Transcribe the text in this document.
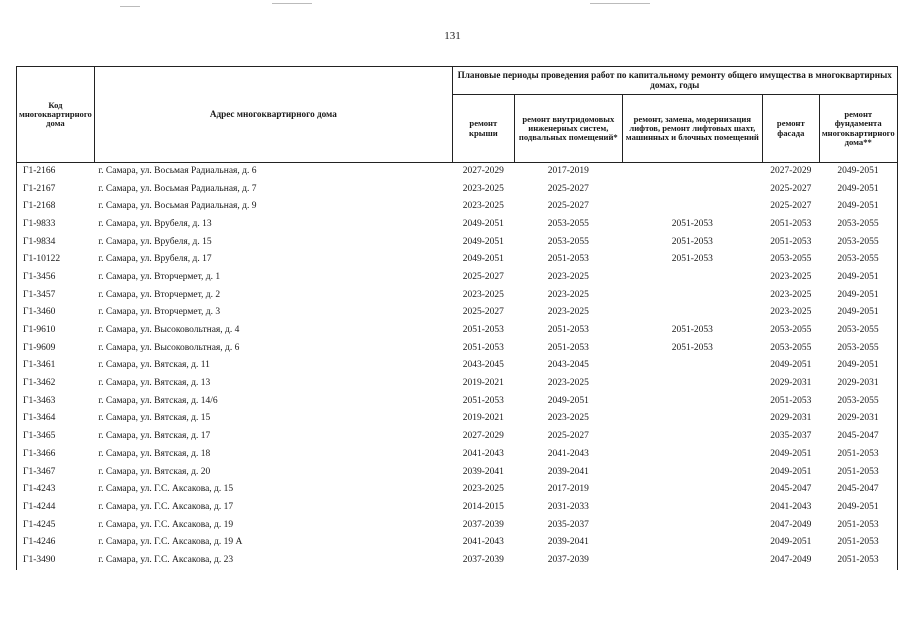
131
Код многоквартирного дома	Адрес многоквартирного дома	Плановые периоды проведения работ по капитальному ремонту общего имущества в многоквартирных домах, годы				
		ремонт крыши	ремонт внутридомовых инженерных систем, подвальных помещений*	ремонт, замена, модернизация лифтов, ремонт лифтовых шахт, машинных и блочных помещений	ремонт фасада	ремонт фундамента многоквартирного дома**
Г1-2166	г. Самара, ул. Восьмая Радиальная, д. 6	2027-2029	2017-2019		2027-2029	2049-2051
Г1-2167	г. Самара, ул. Восьмая Радиальная, д. 7	2023-2025	2025-2027		2025-2027	2049-2051
Г1-2168	г. Самара, ул. Восьмая Радиальная, д. 9	2023-2025	2025-2027		2025-2027	2049-2051
Г1-9833	г. Самара, ул. Врубеля, д. 13	2049-2051	2053-2055	2051-2053	2051-2053	2053-2055
Г1-9834	г. Самара, ул. Врубеля, д. 15	2049-2051	2053-2055	2051-2053	2051-2053	2053-2055
Г1-10122	г. Самара, ул. Врубеля, д. 17	2049-2051	2051-2053	2051-2053	2053-2055	2053-2055
Г1-3456	г. Самара, ул. Вторчермет, д. 1	2025-2027	2023-2025		2023-2025	2049-2051
Г1-3457	г. Самара, ул. Вторчермет, д. 2	2023-2025	2023-2025		2023-2025	2049-2051
Г1-3460	г. Самара, ул. Вторчермет, д. 3	2025-2027	2023-2025		2023-2025	2049-2051
Г1-9610	г. Самара, ул. Высоковольтная, д. 4	2051-2053	2051-2053	2051-2053	2053-2055	2053-2055
Г1-9609	г. Самара, ул. Высоковольтная, д. 6	2051-2053	2051-2053	2051-2053	2053-2055	2053-2055
Г1-3461	г. Самара, ул. Вятская, д. 11	2043-2045	2043-2045		2049-2051	2049-2051
Г1-3462	г. Самара, ул. Вятская, д. 13	2019-2021	2023-2025		2029-2031	2029-2031
Г1-3463	г. Самара, ул. Вятская, д. 14/6	2051-2053	2049-2051		2051-2053	2053-2055
Г1-3464	г. Самара, ул. Вятская, д. 15	2019-2021	2023-2025		2029-2031	2029-2031
Г1-3465	г. Самара, ул. Вятская, д. 17	2027-2029	2025-2027		2035-2037	2045-2047
Г1-3466	г. Самара, ул. Вятская, д. 18	2041-2043	2041-2043		2049-2051	2051-2053
Г1-3467	г. Самара, ул. Вятская, д. 20	2039-2041	2039-2041		2049-2051	2051-2053
Г1-4243	г. Самара, ул. Г.С. Аксакова, д. 15	2023-2025	2017-2019		2045-2047	2045-2047
Г1-4244	г. Самара, ул. Г.С. Аксакова, д. 17	2014-2015	2031-2033		2041-2043	2049-2051
Г1-4245	г. Самара, ул. Г.С. Аксакова, д. 19	2037-2039	2035-2037		2047-2049	2051-2053
Г1-4246	г. Самара, ул. Г.С. Аксакова, д. 19 А	2041-2043	2039-2041		2049-2051	2051-2053
Г1-3490	г. Самара, ул. Г.С. Аксакова, д. 23	2037-2039	2037-2039		2047-2049	2051-2053
